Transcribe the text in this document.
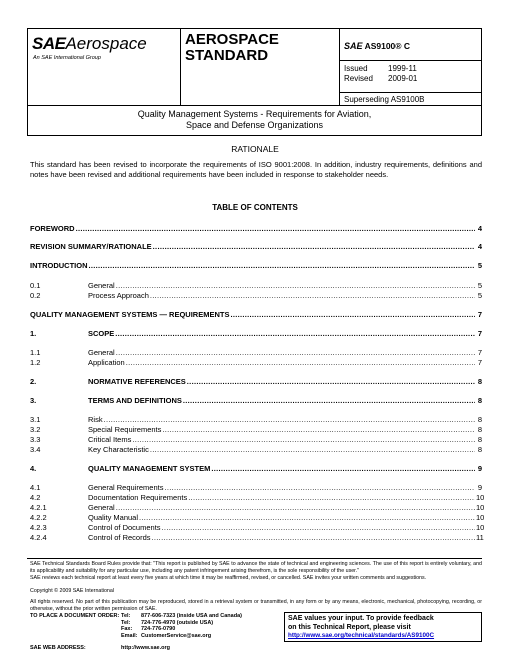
SAEAerospace
An SAE International Group
AEROSPACE
STANDARD
SAE AS9100® C
Issued	1999-11
Revised	2009-01
Superseding AS9100B
Quality Management Systems - Requirements for Aviation,
Space and Defense Organizations
RATIONALE
This standard has been revised to incorporate the requirements of ISO 9001:2008. In addition, industry requirements, definitions and notes have been revised and additional requirements have been included in response to stakeholder needs.
TABLE OF CONTENTS
FOREWORD .....	4
REVISION SUMMARY/RATIONALE .....	4
INTRODUCTION .....	5
0.1	General .....	5
0.2	Process Approach .....	5
QUALITY MANAGEMENT SYSTEMS — REQUIREMENTS .....	7
1.	SCOPE .....	7
1.1	General .....	7
1.2	Application .....	7
2.	NORMATIVE REFERENCES .....	8
3.	TERMS AND DEFINITIONS .....	8
3.1	Risk .....	8
3.2	Special Requirements .....	8
3.3	Critical Items .....	8
3.4	Key Characteristic .....	8
4.	QUALITY MANAGEMENT SYSTEM .....	9
4.1	General Requirements .....	9
4.2	Documentation Requirements .....	10
4.2.1	General .....	10
4.2.2	Quality Manual .....	10
4.2.3	Control of Documents .....	10
4.2.4	Control of Records .....	11
SAE Technical Standards Board Rules provide that: "This report is published by SAE to advance the state of technical and engineering sciences. The use of this report is entirely voluntary, and its applicability and suitability for any particular use, including any patent infringement arising therefrom, is the sole responsibility of the user."
SAE reviews each technical report at least every five years at which time it may be reaffirmed, revised, or cancelled. SAE invites your written comments and suggestions.
Copyright © 2009 SAE International
All rights reserved. No part of this publication may be reproduced, stored in a retrieval system or transmitted, in any form or by any means, electronic, mechanical, photocopying, recording, or otherwise, without the prior written permission of SAE.
TO PLACE A DOCUMENT ORDER: Tel:	877-606-7323 (inside USA and Canada)
Tel:	724-776-4970 (outside USA)
Fax:	724-776-0790
Email: CustomerService@sae.org
SAE WEB ADDRESS:	http://www.sae.org
SAE values your input. To provide feedback
on this Technical Report, please visit
http://www.sae.org/technical/standards/AS9100C
